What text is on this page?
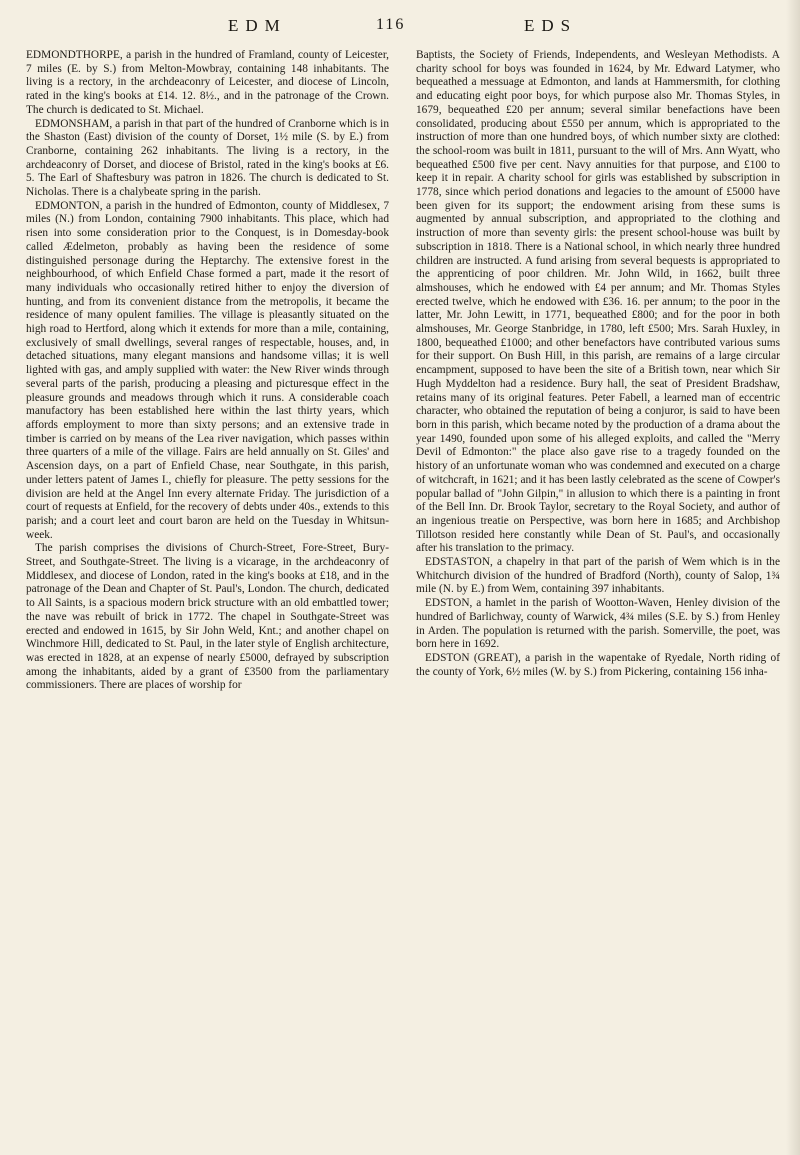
EDM	116	EDS

EDMONDTHORPE, a parish in the hundred of Framland, county of Leicester, 7 miles (E. by S.) from Melton-Mowbray, containing 148 inhabitants. The living is a rectory, in the archdeaconry of Leicester, and diocese of Lincoln, rated in the king's books at £14. 12. 8½., and in the patronage of the Crown. The church is dedicated to St. Michael.

EDMONSHAM, a parish in that part of the hundred of Cranborne which is in the Shaston (East) division of the county of Dorset, 1½ mile (S. by E.) from Cranborne, containing 262 inhabitants. The living is a rectory, in the archdeaconry of Dorset, and diocese of Bristol, rated in the king's books at £6. 5. The Earl of Shaftesbury was patron in 1826. The church is dedicated to St. Nicholas. There is a chalybeate spring in the parish.

EDMONTON, a parish in the hundred of Edmonton, county of Middlesex, 7 miles (N.) from London, containing 7900 inhabitants. This place, which had risen into some consideration prior to the Conquest, is in Domesday-book called Ædelmeton, probably as having been the residence of some distinguished personage during the Heptarchy. The extensive forest in the neighbourhood, of which Enfield Chase formed a part, made it the resort of many individuals who occasionally retired hither to enjoy the diversion of hunting, and from its convenient distance from the metropolis, it became the residence of many opulent families. The village is pleasantly situated on the high road to Hertford, along which it extends for more than a mile, containing, exclusively of small dwellings, several ranges of respectable, houses, and, in detached situations, many elegant mansions and handsome villas; it is well lighted with gas, and amply supplied with water: the New River winds through several parts of the parish, producing a pleasing and picturesque effect in the pleasure grounds and meadows through which it runs. A considerable coach manufactory has been established here within the last thirty years, which affords employment to more than sixty persons; and an extensive trade in timber is carried on by means of the Lea river navigation, which passes within three quarters of a mile of the village. Fairs are held annually on St. Giles' and Ascension days, on a part of Enfield Chase, near Southgate, in this parish, under letters patent of James I., chiefly for pleasure. The petty sessions for the division are held at the Angel Inn every alternate Friday. The jurisdiction of a court of requests at Enfield, for the recovery of debts under 40s., extends to this parish; and a court leet and court baron are held on the Tuesday in Whitsun-week.

The parish comprises the divisions of Church-Street, Fore-Street, Bury-Street, and Southgate-Street. The living is a vicarage, in the archdeaconry of Middlesex, and diocese of London, rated in the king's books at £18, and in the patronage of the Dean and Chapter of St. Paul's, London. The church, dedicated to All Saints, is a spacious modern brick structure with an old embattled tower; the nave was rebuilt of brick in 1772. The chapel in Southgate-Street was erected and endowed in 1615, by Sir John Weld, Knt.; and another chapel on Winchmore Hill, dedicated to St. Paul, in the later style of English architecture, was erected in 1828, at an expense of nearly £5000, defrayed by subscription among the inhabitants, aided by a grant of £3500 from the parliamentary commissioners. There are places of worship for

Baptists, the Society of Friends, Independents, and Wesleyan Methodists. A charity school for boys was founded in 1624, by Mr. Edward Latymer, who bequeathed a messuage at Edmonton, and lands at Hammersmith, for clothing and educating eight poor boys, for which purpose also Mr. Thomas Styles, in 1679, bequeathed £20 per annum; several similar benefactions have been consolidated, producing about £550 per annum, which is appropriated to the instruction of more than one hundred boys, of which number sixty are clothed: the school-room was built in 1811, pursuant to the will of Mrs. Ann Wyatt, who bequeathed £500 five per cent. Navy annuities for that purpose, and £100 to keep it in repair. A charity school for girls was established by subscription in 1778, since which period donations and legacies to the amount of £5000 have been given for its support; the endowment arising from these sums is augmented by annual subscription, and appropriated to the clothing and instruction of more than seventy girls: the present school-house was built by subscription in 1818. There is a National school, in which nearly three hundred children are instructed. A fund arising from several bequests is appropriated to the apprenticing of poor children. Mr. John Wild, in 1662, built three almshouses, which he endowed with £4 per annum; and Mr. Thomas Styles erected twelve, which he endowed with £36. 16. per annum; to the poor in the latter, Mr. John Lewitt, in 1771, bequeathed £800; and for the poor in both almshouses, Mr. George Stanbridge, in 1780, left £500; Mrs. Sarah Huxley, in 1800, bequeathed £1000; and other benefactors have contributed various sums for their support. On Bush Hill, in this parish, are remains of a large circular encampment, supposed to have been the site of a British town, near which Sir Hugh Myddelton had a residence. Bury hall, the seat of President Bradshaw, retains many of its original features. Peter Fabell, a learned man of eccentric character, who obtained the reputation of being a conjuror, is said to have been born in this parish, which became noted by the production of a drama about the year 1490, founded upon some of his alleged exploits, and called the "Merry Devil of Edmonton:" the place also gave rise to a tragedy founded on the history of an unfortunate woman who was condemned and executed on a charge of witchcraft, in 1621; and it has been lastly celebrated as the scene of Cowper's popular ballad of "John Gilpin," in allusion to which there is a painting in front of the Bell Inn. Dr. Brook Taylor, secretary to the Royal Society, and author of an ingenious treatie on Perspective, was born here in 1685; and Archbishop Tillotson resided here constantly while Dean of St. Paul's, and occasionally after his translation to the primacy.

EDSTASTON, a chapelry in that part of the parish of Wem which is in the Whitchurch division of the hundred of Bradford (North), county of Salop, 1¾ mile (N. by E.) from Wem, containing 397 inhabitants.

EDSTON, a hamlet in the parish of Wootton-Waven, Henley division of the hundred of Barlichway, county of Warwick, 4¾ miles (S.E. by S.) from Henley in Arden. The population is returned with the parish. Somerville, the poet, was born here in 1692.

EDSTON (GREAT), a parish in the wapentake of Ryedale, North riding of the county of York, 6½ miles (W. by S.) from Pickering, containing 156 inha-
